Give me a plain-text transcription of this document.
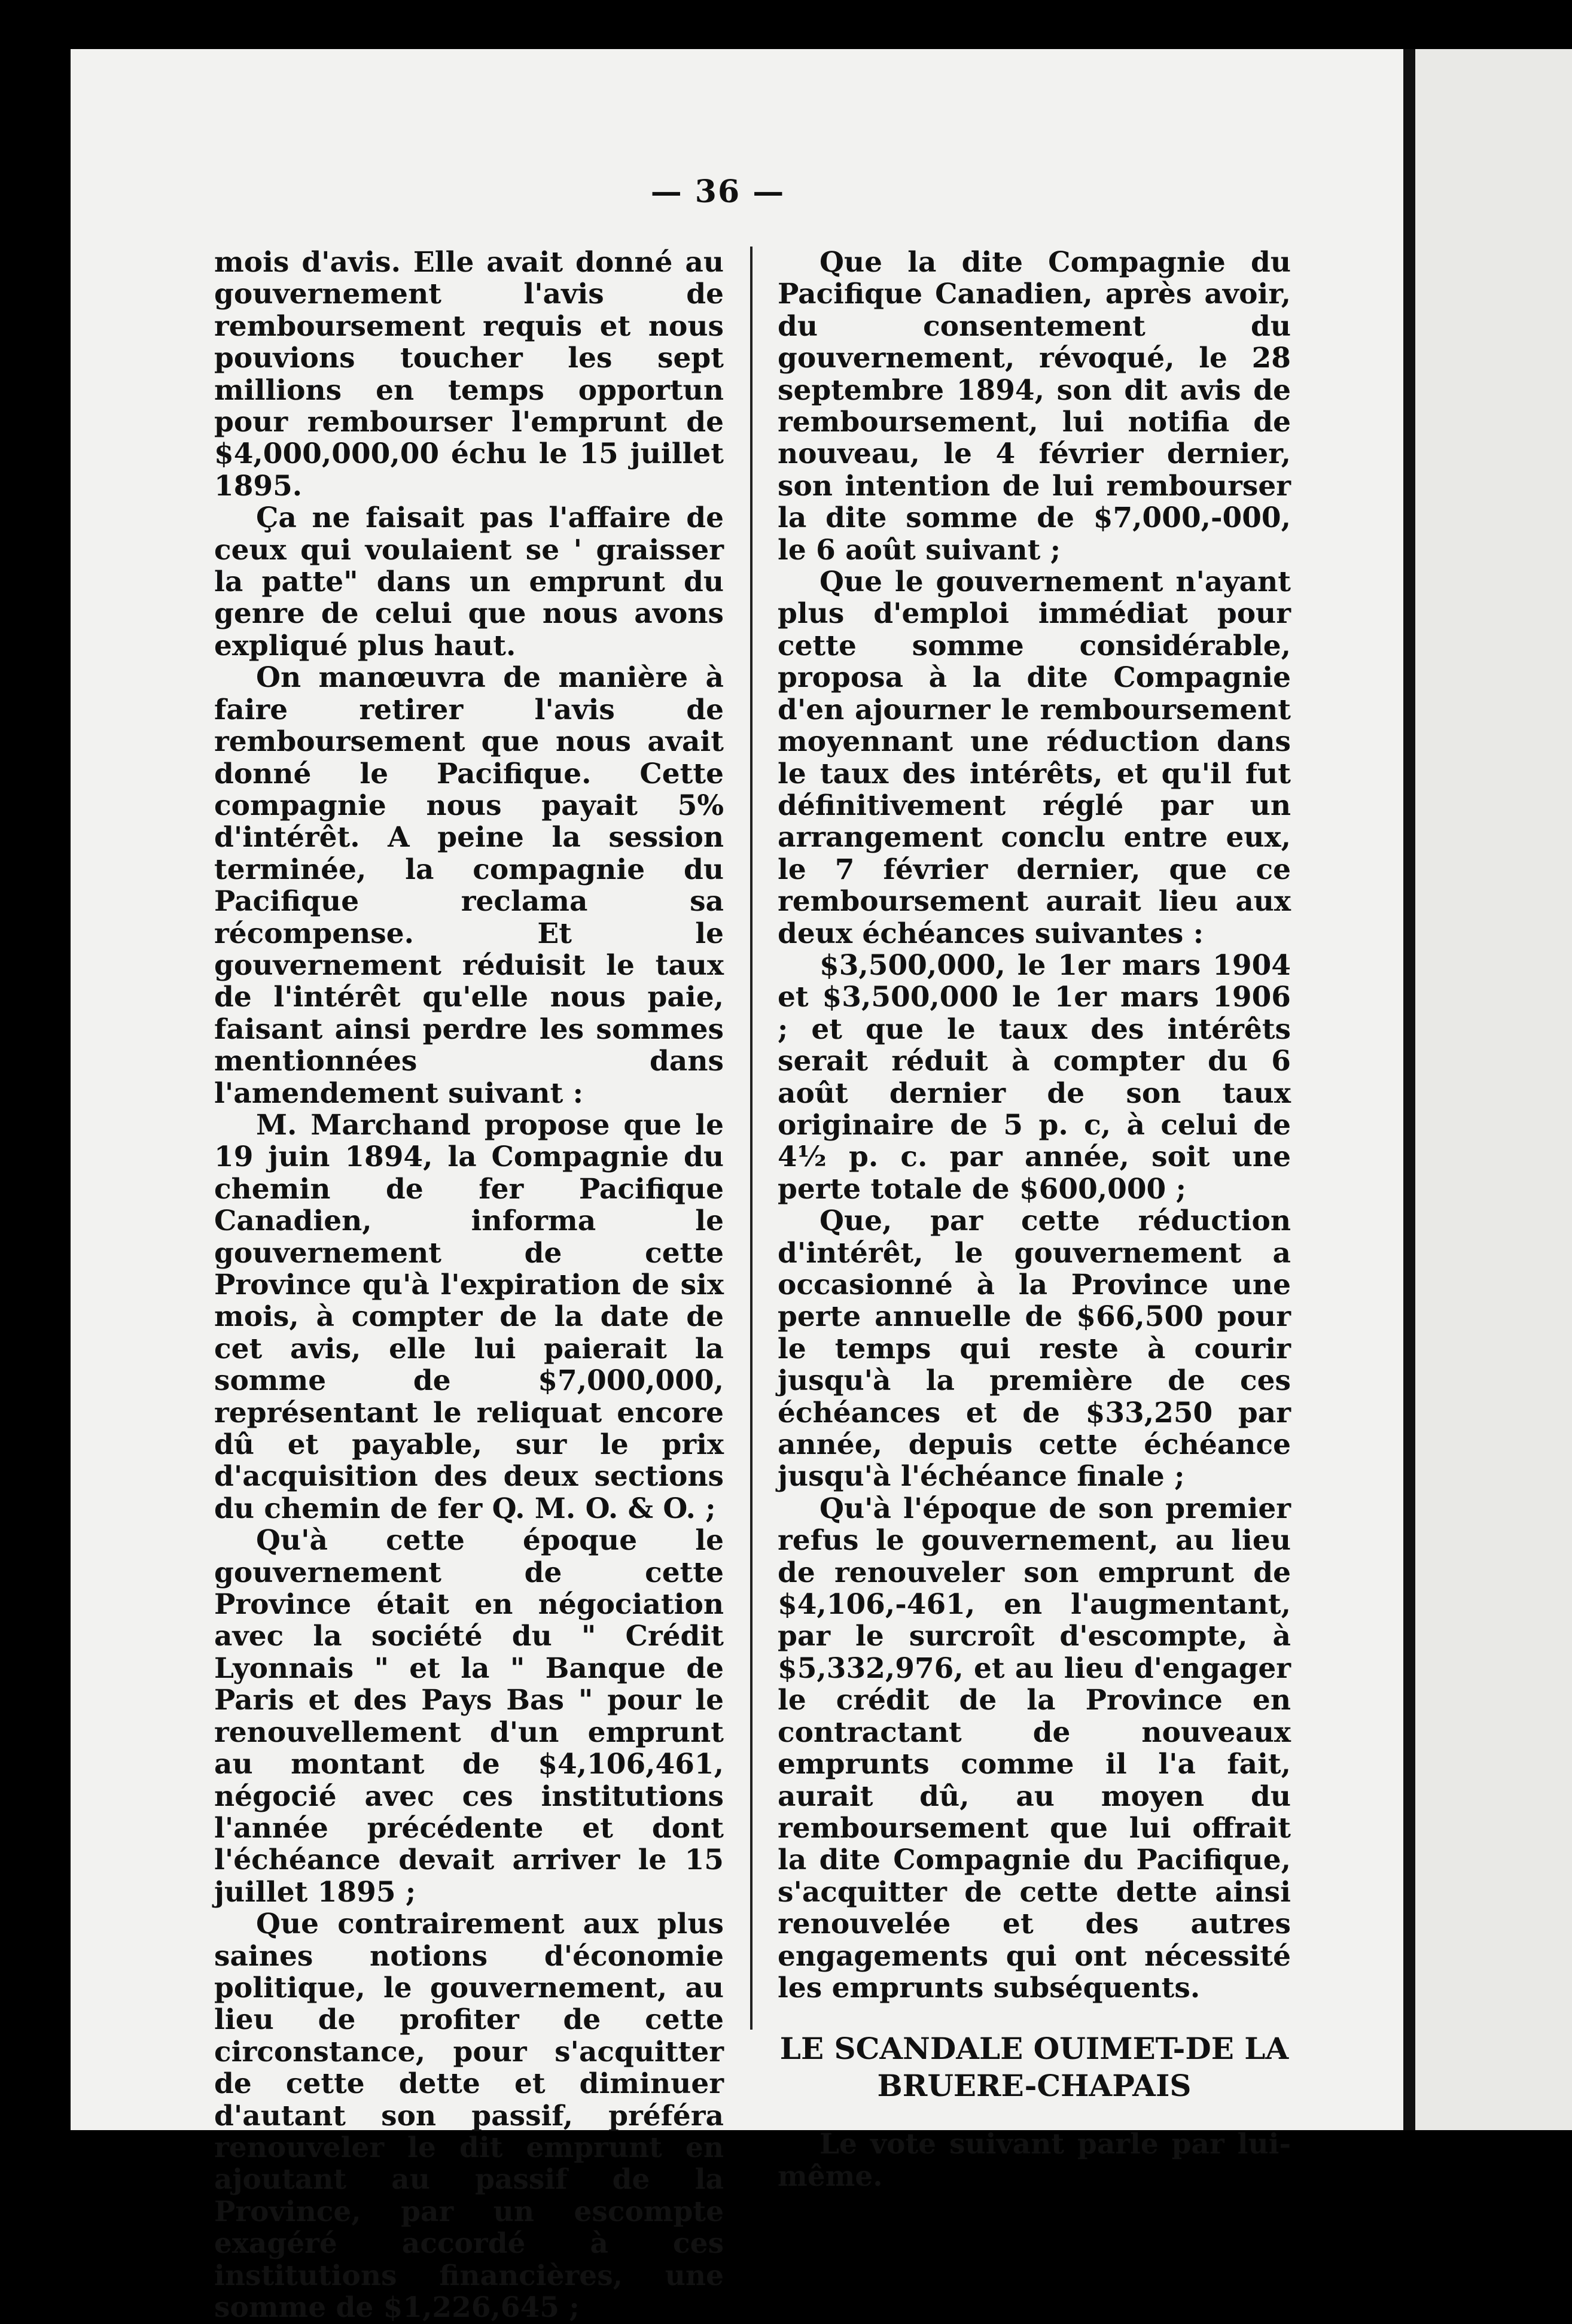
— 36 —

mois d'avis. Elle avait donné au gouvernement l'avis de remboursement requis et nous pouvions toucher les sept millions en temps opportun pour rembourser l'emprunt de $4,000,000,00 échu le 15 juillet 1895.

Ça ne faisait pas l'affaire de ceux qui voulaient se ' graisser la patte" dans un emprunt du genre de celui que nous avons expliqué plus haut.

On manœuvra de manière à faire retirer l'avis de remboursement que nous avait donné le Pacifique. Cette compagnie nous payait 5% d'intérêt. A peine la session terminée, la compagnie du Pacifique reclama sa récompense. Et le gouvernement réduisit le taux de l'intérêt qu'elle nous paie, faisant ainsi perdre les sommes mentionnées dans l'amendement suivant :

M. Marchand propose que le 19 juin 1894, la Compagnie du chemin de fer Pacifique Canadien, informa le gouvernement de cette Province qu'à l'expiration de six mois, à compter de la date de cet avis, elle lui paierait la somme de $7,000,000, représentant le reliquat encore dû et payable, sur le prix d'acquisition des deux sections du chemin de fer Q. M. O. & O. ;

Qu'à cette époque le gouvernement de cette Province était en négociation avec la société du " Crédit Lyonnais " et la " Banque de Paris et des Pays Bas " pour le renouvellement d'un emprunt au montant de $4,106,461, négocié avec ces institutions l'année précédente et dont l'échéance devait arriver le 15 juillet 1895 ;

Que contrairement aux plus saines notions d'économie politique, le gouvernement, au lieu de profiter de cette circonstance, pour s'acquitter de cette dette et diminuer d'autant son passif, préféra renouveler le dit emprunt en ajoutant au passif de la Province, par un escompte exagéré accordé à ces institutions financières, une somme de $1,226,645 ;

Que la dite Compagnie du Pacifique Canadien, après avoir, du consentement du gouvernement, révoqué, le 28 septembre 1894, son dit avis de remboursement, lui notifia de nouveau, le 4 février dernier, son intention de lui rembourser la dite somme de $7,000,-000, le 6 août suivant ;

Que le gouvernement n'ayant plus d'emploi immédiat pour cette somme considérable, proposa à la dite Compagnie d'en ajourner le remboursement moyennant une réduction dans le taux des intérêts, et qu'il fut définitivement réglé par un arrangement conclu entre eux, le 7 février dernier, que ce remboursement aurait lieu aux deux échéances suivantes :

$3,500,000, le 1er mars 1904 et $3,500,000 le 1er mars 1906 ; et que le taux des intérêts serait réduit à compter du 6 août dernier de son taux originaire de 5 p. c, à celui de 4½ p. c. par année, soit une perte totale de $600,000 ;

Que, par cette réduction d'intérêt, le gouvernement a occasionné à la Province une perte annuelle de $66,500 pour le temps qui reste à courir jusqu'à la première de ces échéances et de $33,250 par année, depuis cette échéance jusqu'à l'échéance finale ;

Qu'à l'époque de son premier refus le gouvernement, au lieu de renouveler son emprunt de $4,106,-461, en l'augmentant, par le surcroît d'escompte, à $5,332,976, et au lieu d'engager le crédit de la Province en contractant de nouveaux emprunts comme il l'a fait, aurait dû, au moyen du remboursement que lui offrait la dite Compagnie du Pacifique, s'acquitter de cette dette ainsi renouvelée et des autres engagements qui ont nécessité les emprunts subséquents.

LE SCANDALE OUIMET-DE LA BRUERE-CHAPAIS

Le vote suivant parle par lui-même.
